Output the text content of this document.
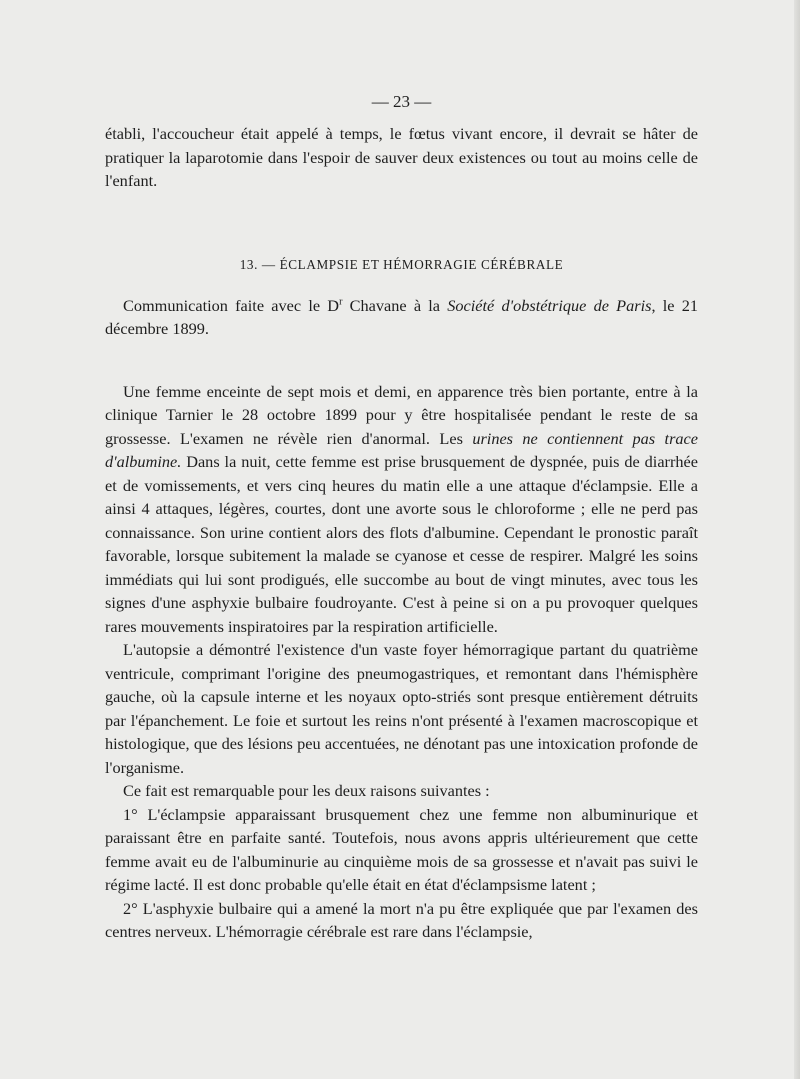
— 23 —

établi, l'accoucheur était appelé à temps, le fœtus vivant encore, il devrait se hâter de pratiquer la laparotomie dans l'espoir de sauver deux existences ou tout au moins celle de l'enfant.

13. — ÉCLAMPSIE ET HÉMORRAGIE CÉRÉBRALE

Communication faite avec le $D^r$ Chavane à la Société d'obstétrique de Paris, le 21 décembre 1899.

Une femme enceinte de sept mois et demi, en apparence très bien portante, entre à la clinique Tarnier le 28 octobre 1899 pour y être hospitalisée pendant le reste de sa grossesse. L'examen ne révèle rien d'anormal. Les urines ne contiennent pas trace d'albumine. Dans la nuit, cette femme est prise brusquement de dyspnée, puis de diarrhée et de vomissements, et vers cinq heures du matin elle a une attaque d'éclampsie. Elle a ainsi 4 attaques, légères, courtes, dont une avorte sous le chloroforme ; elle ne perd pas connaissance. Son urine contient alors des flots d'albumine. Cependant le pronostic paraît favorable, lorsque subitement la malade se cyanose et cesse de respirer. Malgré les soins immédiats qui lui sont prodigués, elle succombe au bout de vingt minutes, avec tous les signes d'une asphyxie bulbaire foudroyante. C'est à peine si on a pu provoquer quelques rares mouvements inspiratoires par la respiration artificielle.

L'autopsie a démontré l'existence d'un vaste foyer hémorragique partant du quatrième ventricule, comprimant l'origine des pneumogastriques, et remontant dans l'hémisphère gauche, où la capsule interne et les noyaux opto-striés sont presque entièrement détruits par l'épanchement. Le foie et surtout les reins n'ont présenté à l'examen macroscopique et histologique, que des lésions peu accentuées, ne dénotant pas une intoxication profonde de l'organisme.

Ce fait est remarquable pour les deux raisons suivantes :

1° L'éclampsie apparaissant brusquement chez une femme non albuminurique et paraissant être en parfaite santé. Toutefois, nous avons appris ultérieurement que cette femme avait eu de l'albuminurie au cinquième mois de sa grossesse et n'avait pas suivi le régime lacté. Il est donc probable qu'elle était en état d'éclampsisme latent ;

2° L'asphyxie bulbaire qui a amené la mort n'a pu être expliquée que par l'examen des centres nerveux. L'hémorragie cérébrale est rare dans l'éclampsie,
